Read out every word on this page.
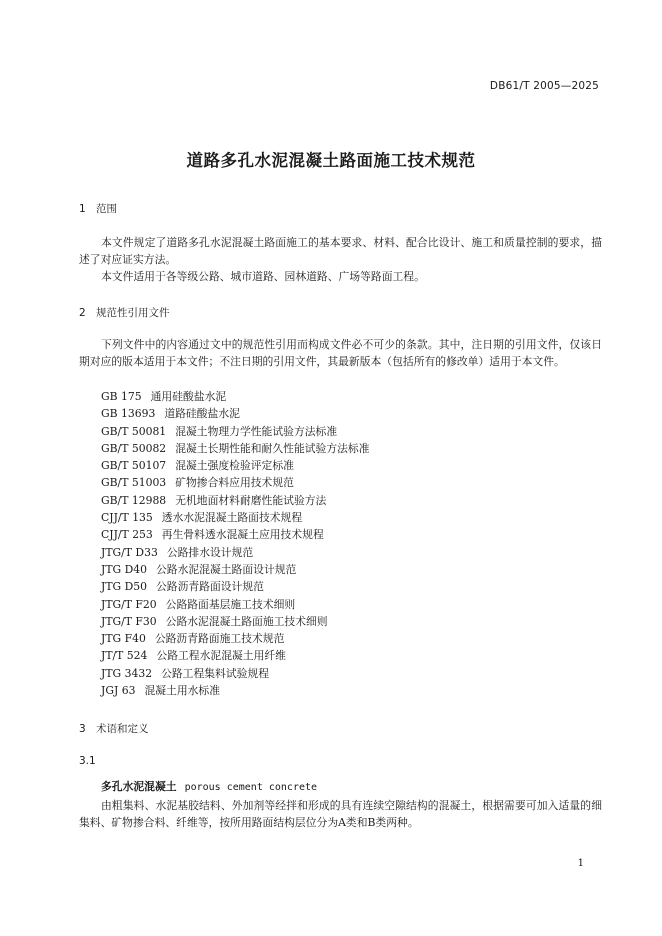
DB61/T 2005—2025
道路多孔水泥混凝土路面施工技术规范
1 范围
本文件规定了道路多孔水泥混凝土路面施工的基本要求、材料、配合比设计、施工和质量控制的要求，描述了对应证实方法。
本文件适用于各等级公路、城市道路、园林道路、广场等路面工程。
2 规范性引用文件
下列文件中的内容通过文中的规范性引用而构成文件必不可少的条款。其中，注日期的引用文件，仅该日期对应的版本适用于本文件；不注日期的引用文件，其最新版本（包括所有的修改单）适用于本文件。
GB 175 通用硅酸盐水泥
GB 13693 道路硅酸盐水泥
GB/T 50081 混凝土物理力学性能试验方法标准
GB/T 50082 混凝土长期性能和耐久性能试验方法标准
GB/T 50107 混凝土强度检验评定标准
GB/T 51003 矿物掺合料应用技术规范
GB/T 12988 无机地面材料耐磨性能试验方法
CJJ/T 135 透水水泥混凝土路面技术规程
CJJ/T 253 再生骨料透水混凝土应用技术规程
JTG/T D33 公路排水设计规范
JTG D40 公路水泥混凝土路面设计规范
JTG D50 公路沥青路面设计规范
JTG/T F20 公路路面基层施工技术细则
JTG/T F30 公路水泥混凝土路面施工技术细则
JTG F40 公路沥青路面施工技术规范
JT/T 524 公路工程水泥混凝土用纤维
JTG 3432 公路工程集料试验规程
JGJ 63 混凝土用水标准
3 术语和定义
3.1
多孔水泥混凝土 porous cement concrete
由粗集料、水泥基胶结料、外加剂等经拌和形成的具有连续空隙结构的混凝土，根据需要可加入适量的细集料、矿物掺合料、纤维等，按所用路面结构层位分为A类和B类两种。
1
